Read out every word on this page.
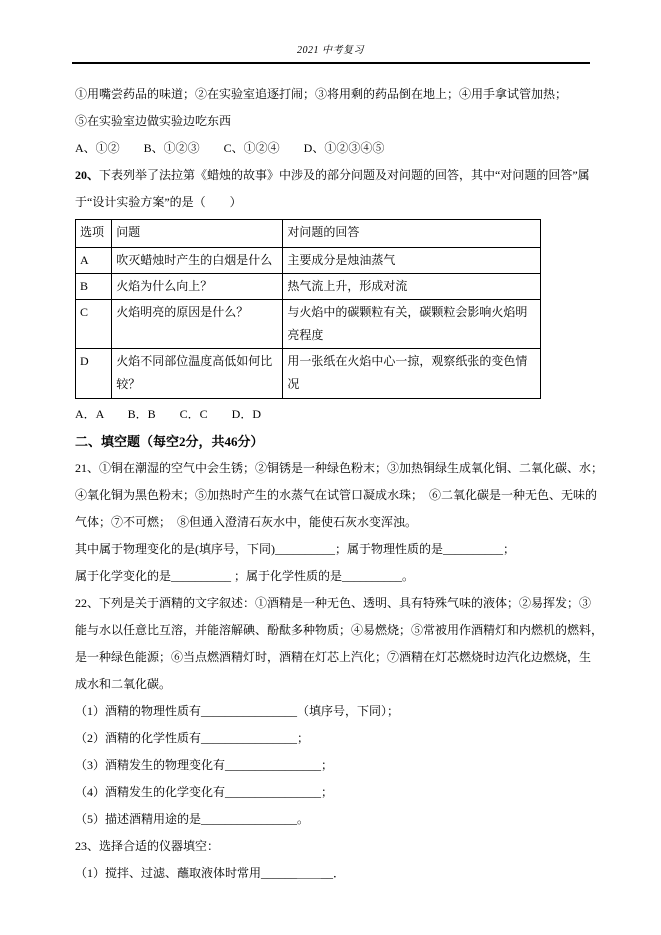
2021 中考复习

①用嘴尝药品的味道；②在实验室追逐打闹；③将用剩的药品倒在地上；④用手拿试管加热；

⑤在实验室边做实验边吃东西

A、①②　　B、①②③　　C、①②④　　D、①②③④⑤

20、下表列举了法拉第《蜡烛的故事》中涉及的部分问题及对问题的回答，其中“对问题的回答”属

于“设计实验方案”的是（　　）

选项	问题	对问题的回答
A	吹灭蜡烛时产生的白烟是什么	主要成分是烛油蒸气
B	火焰为什么向上？	热气流上升，形成对流
C	火焰明亮的原因是什么？	与火焰中的碳颗粒有关，碳颗粒会影响火焰明亮程度
D	火焰不同部位温度高低如何比较？	用一张纸在火焰中心一掠，观察纸张的变色情况

A．A　　B．B　　C．C　　D．D

二、填空题（每空2分，共46分）

21、①铜在潮湿的空气中会生锈；②铜锈是一种绿色粉末；③加热铜绿生成氧化铜、二氧化碳、水；

④氧化铜为黑色粉末；⑤加热时产生的水蒸气在试管口凝成水珠；　⑥二氧化碳是一种无色、无味的

气体；⑦不可燃；　⑧但通入澄清石灰水中，能使石灰水变浑浊。

其中属于物理变化的是(填序号，下同)__________；属于物理性质的是__________；

属于化学变化的是__________ ；属于化学性质的是__________。

22、下列是关于酒精的文字叙述：①酒精是一种无色、透明、具有特殊气味的液体；②易挥发；③

能与水以任意比互溶，并能溶解碘、酚酞多种物质；④易燃烧；⑤常被用作酒精灯和内燃机的燃料，

是一种绿色能源；⑥当点燃酒精灯时，酒精在灯芯上汽化；⑦酒精在灯芯燃烧时边汽化边燃烧，生

成水和二氧化碳。

（1）酒精的物理性质有________________（填序号，下同）；

（2）酒精的化学性质有________________；

（3）酒精发生的物理变化有________________；

（4）酒精发生的化学变化有________________；

（5）描述酒精用途的是________________。

23、选择合适的仪器填空：

（1）搅拌、过滤、蘸取液体时常用______＿＿__．
